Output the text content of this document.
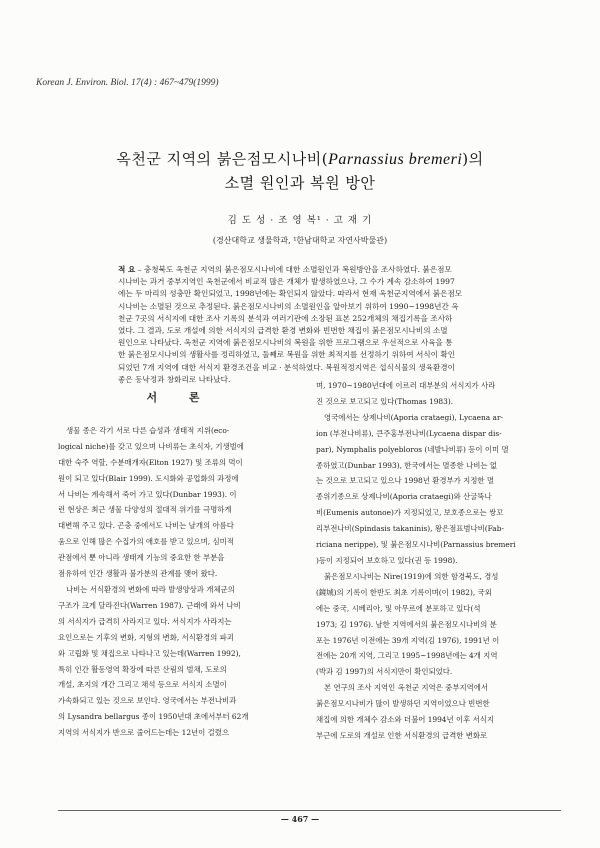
Korean J. Environ. Biol. 17(4) : 467~479(1999)
옥천군 지역의 붉은점모시나비(Parnassius bremeri)의
소멸 원인과 복원 방안
김 도 성 · 조 영 복¹ · 고 재 기
(경산대학교 생물학과, ¹한남대학교 자연사박물관)
적 요 – 충청북도 옥천군 지역의 붉은점모시나비에 대한 소멸원인과 복원방안을 조사하였다. 붉은점모
시나비는 과거 중부지역인 옥천군에서 비교적 많은 개체가 발생하였으나, 그 수가 계속 감소하여 1997
에는 두 마리의 성충만 확인되었고, 1998년에는 확인되지 않았다. 따라서 현재 옥천군지역에서 붉은점모
시나비는 소멸된 것으로 추정된다. 붉은점모시나비의 소멸원인을 알아보기 위하여 1990~1998년간 옥
천군 7곳의 서식지에 대한 조사 기록의 분석과 여러기관에 소장된 표본 252개체의 채집기록을 조사하
였다. 그 결과, 도로 개설에 의한 서식지의 급격한 환경 변화와 빈번한 채집이 붉은점모시나비의 소멸
원인으로 나타났다. 옥천군 지역에 붉은점모시나비의 복원을 위한 프로그램으로 우선적으로 사육을 통
한 붉은점모시나비의 생활사를 정리하였고, 둘째로 복원을 위한 최적지를 선정하기 위하여 서식이 확인
되었던 7개 지역에 대한 서식지 환경조건을 비교 · 분석하였다. 복원적정지역은 섭식식물의 생육환경이
좋은 동낙정과 창화리로 나타났다.
서 론
생물 종은 각기 서로 다른 습성과 생태적 지위(eco-
logical niche)를 갖고 있으며 나비류는 초식자, 기생벌에
대한 숙주 역할, 수분매개자(Elton 1927) 및 조류의 먹이
원이 되고 있다(Blair 1999). 도시화와 공업화의 과정에
서 나비는 계속해서 죽어 가고 있다(Dunbar 1993). 이
런 현상은 최근 생물 다양성의 절대적 위기를 극명하게
대변해 주고 있다. 곤충 중에서도 나비는 날개의 아름다
움으로 인해 많은 수집가의 애호를 받고 있으며, 심미적
관점에서 뿐 아니라 생태계 기능의 중요한 한 부분을
점유하여 인간 생활과 불가분의 관계를 맺어 왔다.
나비는 서식환경의 변화에 따라 발생양상과 개체군의
구조가 크게 달라진다(Warren 1987). 근래에 와서 나비
의 서식지가 급격히 사라지고 있다. 서식지가 사라지는
요인으로는 기후의 변화, 지형의 변화, 서식환경의 파괴
와 고립화 및 채집으로 나타나고 있는데(Warren 1992),
특히 인간 활동영역 확장에 따른 산림의 벌채, 도로의
개설, 초지의 개간 그리고 채석 등으로 서식지 소멸이
가속화되고 있는 것으로 보인다. 영국에서는 부전나비과
의 Lysandra bellargus 종이 1950년대 초에서부터 62개
지역의 서식지가 반으로 줄어드는데는 12년이 걸렸으
며, 1970~1980년대에 이르러 대부분의 서식지가 사라
진 것으로 보고되고 있다(Thomas 1983).
영국에서는 상제나비(Aporia crataegi), Lycaena ar-
ion (부전나비류), 큰주홍부전나비(Lycaena dispar dis-
par), Nymphalis polyebloros (네발나비류) 등이 이미 멸
종하였고(Dunbar 1993), 한국에서는 멸종한 나비는 없
는 것으로 보고되고 있으나 1998년 환경부가 지정한 멸
종위기종으로 상제나비(Aporia crataegi)와 산굴뚝나
비(Eumenis autonoe)가 지정되었고, 보호종으로는 쌍꼬
리부전나비(Spindasis takaninis), 왕은점표범나비(Fab-
riciana nerippe), 및 붉은점모시나비(Parnassius bremeri
)등이 지정되어 보호하고 있다(권 등 1998).
붉은점모시나비는 Nire(1919)에 의한 함경북도, 경성
(鏡城)의 기록이 한반도 최초 기록이며(이 1982), 국외
에는 중국, 시베리아, 및 아무르에 분포하고 있다(석
1973; 김 1976). 남한 지역에서의 붉은점모시나비의 분
포는 1976년 이전에는 39개 지역(김 1976), 1991년 이
전에는 20개 지역, 그리고 1995~1998년에는 4개 지역
(박과 김 1997)의 서식지만이 확인되었다.
본 연구의 조사 지역인 옥천군 지역은 중부지역에서
붉은점모시나비가 많이 발생하던 지역이었으나 빈번한
채집에 의한 개체수 감소와 더불어 1994년 이후 서식지
부근에 도로의 개설로 인한 서식환경의 급격한 변화로
— 467 —
